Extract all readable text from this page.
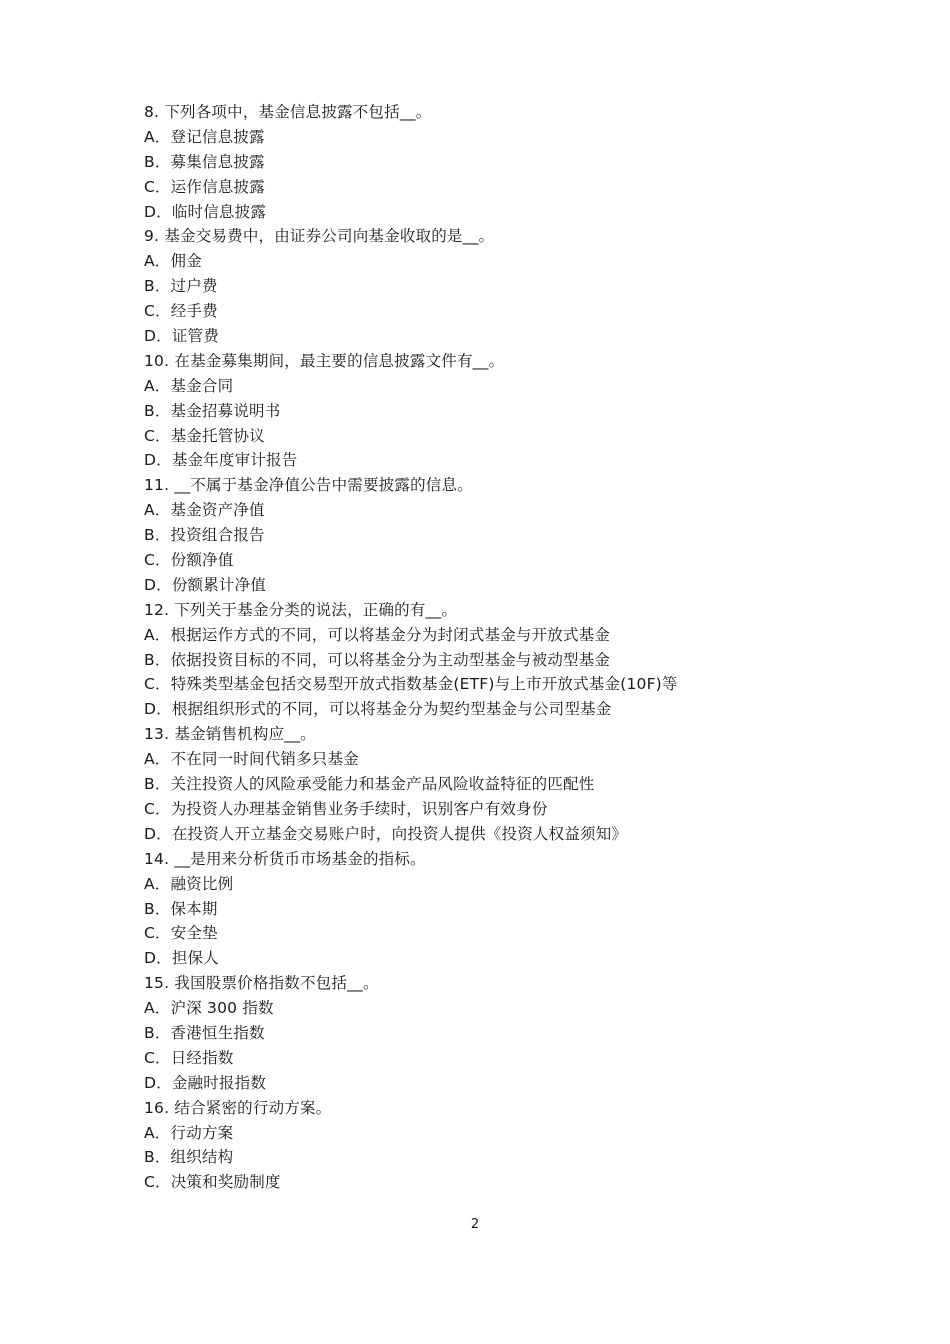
8. 下列各项中，基金信息披露不包括__。
A．登记信息披露
B．募集信息披露
C．运作信息披露
D．临时信息披露
9. 基金交易费中，由证券公司向基金收取的是__。
A．佣金
B．过户费
C．经手费
D．证管费
10. 在基金募集期间，最主要的信息披露文件有__。
A．基金合同
B．基金招募说明书
C．基金托管协议
D．基金年度审计报告
11. __不属于基金净值公告中需要披露的信息。
A．基金资产净值
B．投资组合报告
C．份额净值
D．份额累计净值
12. 下列关于基金分类的说法，正确的有__。
A．根据运作方式的不同，可以将基金分为封闭式基金与开放式基金
B．依据投资目标的不同，可以将基金分为主动型基金与被动型基金
C．特殊类型基金包括交易型开放式指数基金(ETF)与上市开放式基金(10F)等
D．根据组织形式的不同，可以将基金分为契约型基金与公司型基金
13. 基金销售机构应__。
A．不在同一时间代销多只基金
B．关注投资人的风险承受能力和基金产品风险收益特征的匹配性
C．为投资人办理基金销售业务手续时，识别客户有效身份
D．在投资人开立基金交易账户时，向投资人提供《投资人权益须知》
14. __是用来分析货币市场基金的指标。
A．融资比例
B．保本期
C．安全垫
D．担保人
15. 我国股票价格指数不包括__。
A．沪深 300 指数
B．香港恒生指数
C．日经指数
D．金融时报指数
16. 结合紧密的行动方案。
A．行动方案
B．组织结构
C．决策和奖励制度
2
